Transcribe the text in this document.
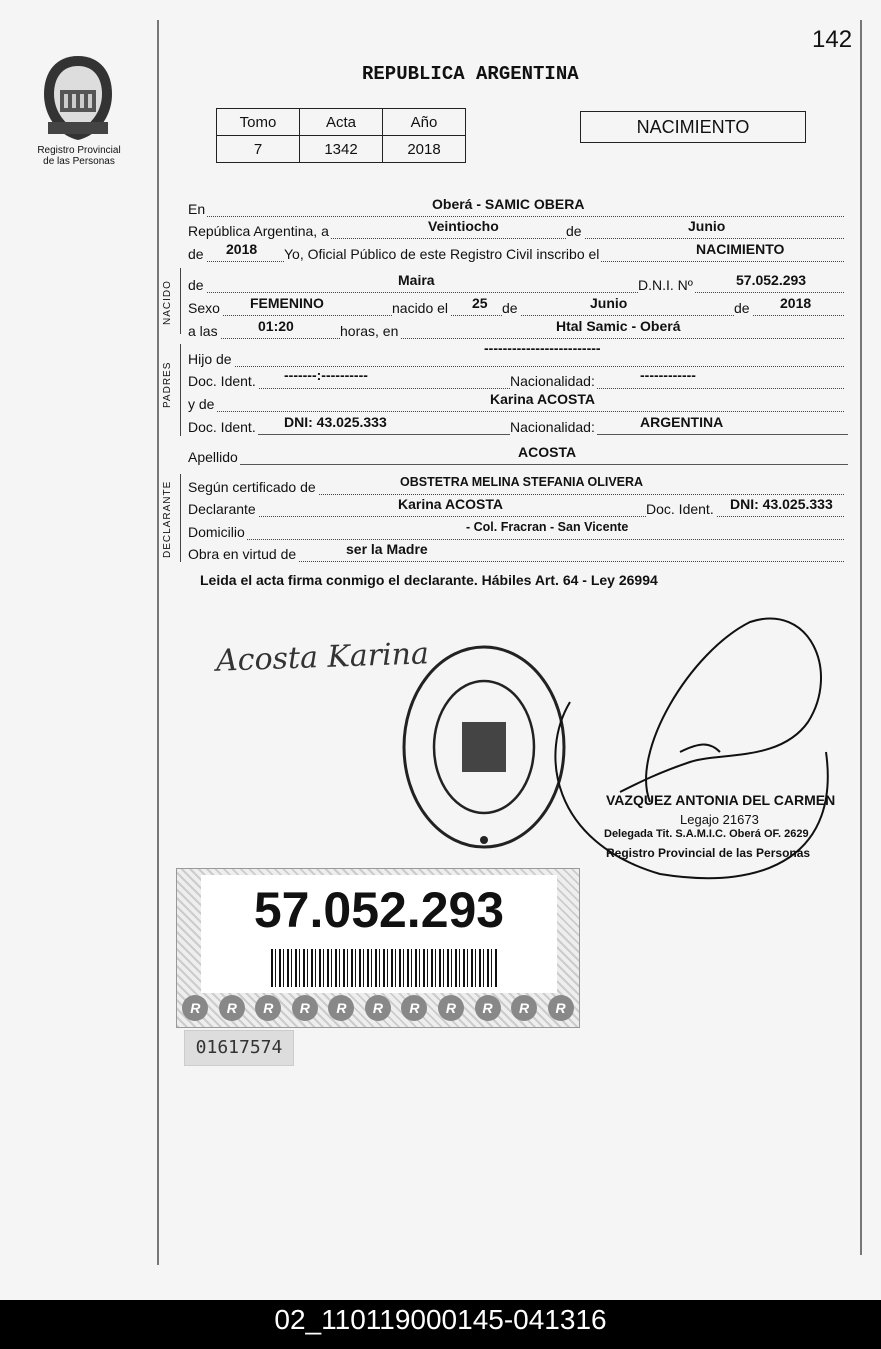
142
Registro Provincial
de las Personas
REPUBLICA ARGENTINA
Tomo	Acta	Año
7	1342	2018
NACIMIENTO
En	Oberá - SAMIC OBERA
República Argentina, a	Veintiocho	de	Junio
de 2018 Yo, Oficial Público de este Registro Civil inscribo el	NACIMIENTO
NACIDO de	Maira	D.N.I. Nº	57.052.293
Sexo FEMENINO	nacido el 25 de	Junio	de 2018
a las	01:20	horas, en	Htal Samic - Oberá
PADRES
Hijo de
-------------------------
Doc. Ident. -------:----------	Nacionalidad:	------------
y de	Karina ACOSTA
Doc. Ident. DNI: 43.025.333	Nacionalidad:	ARGENTINA
Apellido	ACOSTA
DECLARANTE Según certificado de	OBSTETRA MELINA STEFANIA OLIVERA
Declarante	Karina ACOSTA	Doc. Ident. DNI: 43.025.333
Domicilio	- Col. Fracran - San Vicente
Obra en virtud de	ser la Madre
Leida el acta firma conmigo el declarante. Hábiles Art. 64 - Ley 26994
Acosta Karina
VAZQUEZ ANTONIA DEL CARMEN
Legajo 21673
Delegada Tit. S.A.M.I.C. Oberá OF. 2629
Registro Provincial de las Personas
57.052.293
R	R	R	R	R	R	R	R	R	R	R
01617574
02_110119000145-041316
